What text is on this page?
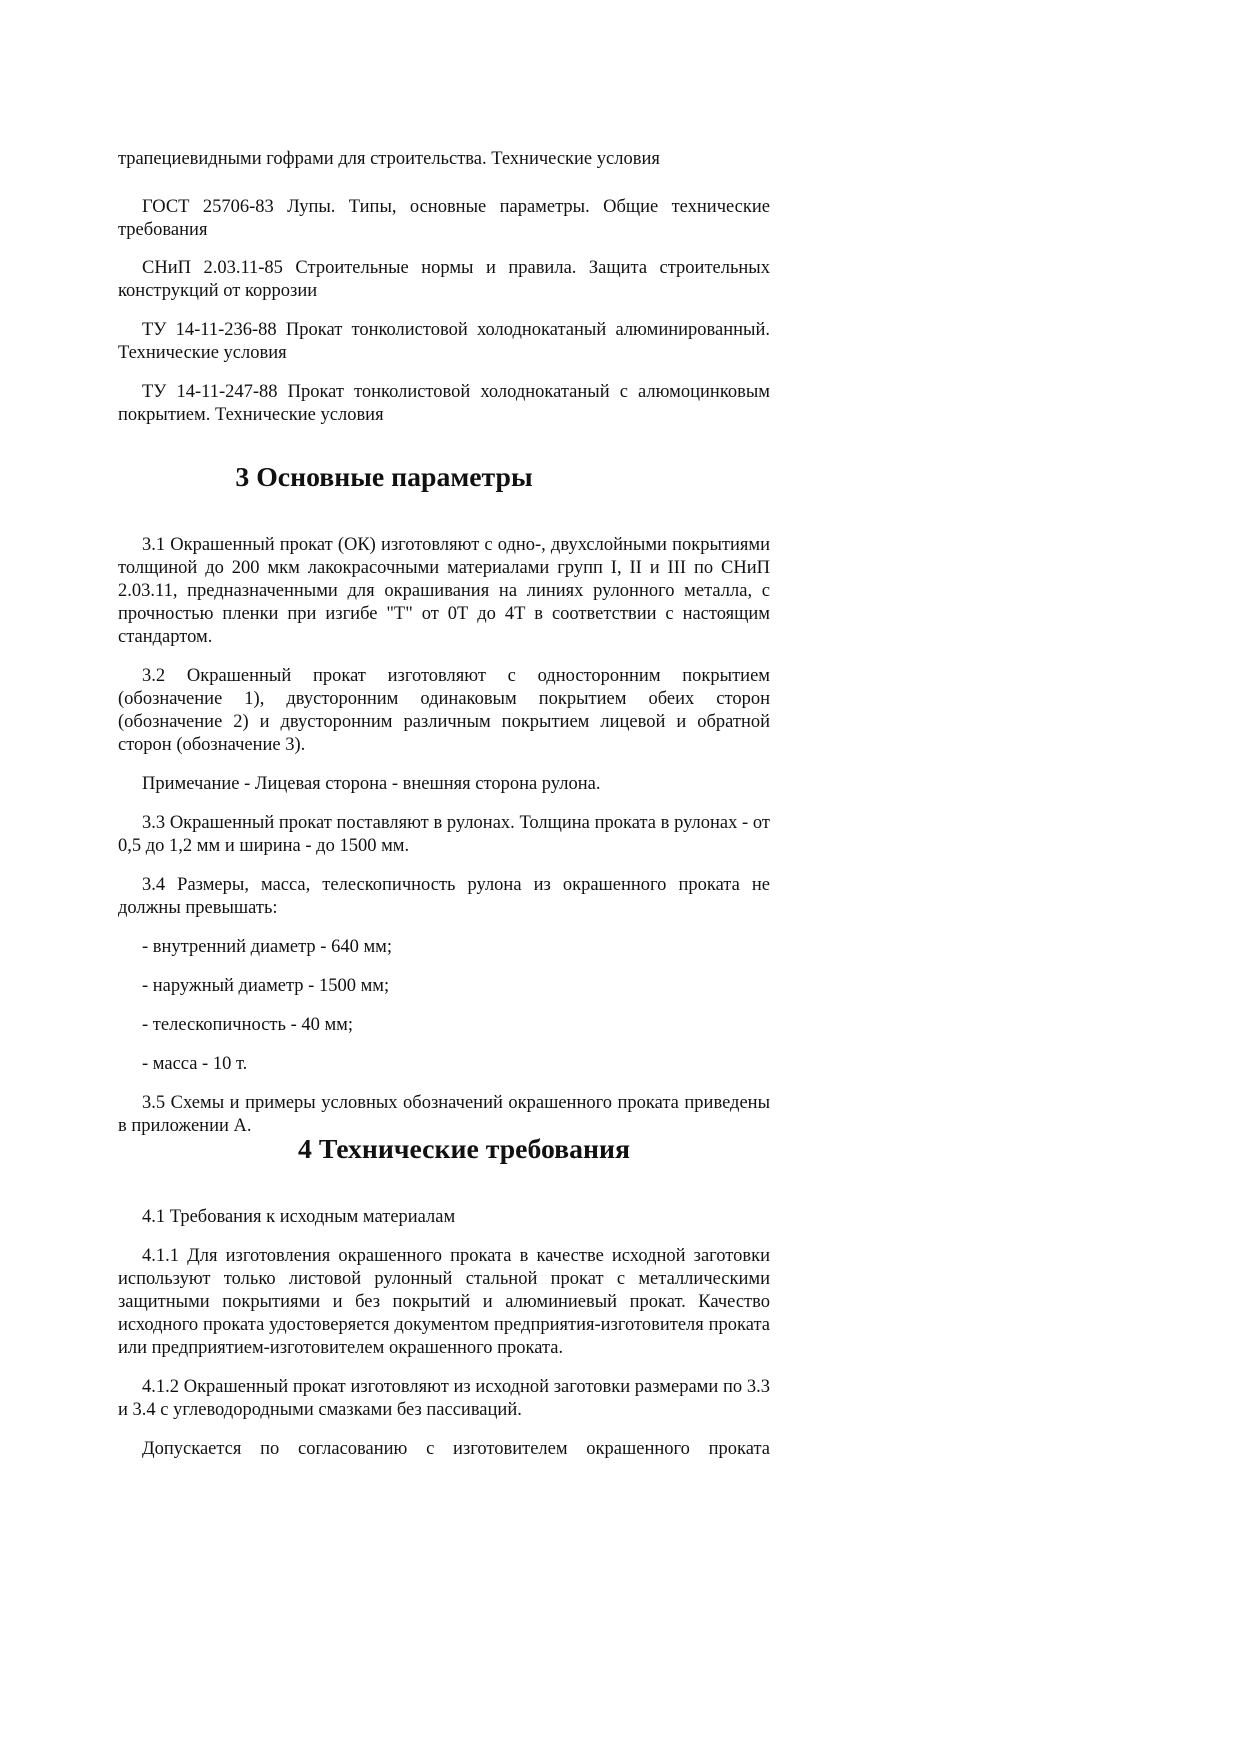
трапециевидными гофрами для строительства. Технические условия

ГОСТ 25706-83 Лупы. Типы, основные параметры. Общие технические требования

СНиП 2.03.11-85 Строительные нормы и правила. Защита строительных конструкций от коррозии

ТУ 14-11-236-88 Прокат тонколистовой холоднокатаный алюминированный. Технические условия

ТУ 14-11-247-88 Прокат тонколистовой холоднокатаный с алюмоцинковым покрытием. Технические условия

3 Основные параметры

3.1 Окрашенный прокат (ОК) изготовляют с одно-, двухслойными покрытиями толщиной до 200 мкм лакокрасочными материалами групп I, II и III по СНиП 2.03.11, предназначенными для окрашивания на линиях рулонного металла, с прочностью пленки при изгибе "Т" от 0Т до 4Т в соответствии с настоящим стандартом.

3.2 Окрашенный прокат изготовляют с односторонним покрытием (обозначение 1), двусторонним одинаковым покрытием обеих сторон (обозначение 2) и двусторонним различным покрытием лицевой и обратной сторон (обозначение 3).

Примечание - Лицевая сторона - внешняя сторона рулона.

3.3 Окрашенный прокат поставляют в рулонах. Толщина проката в рулонах - от 0,5 до 1,2 мм и ширина - до 1500 мм.

3.4 Размеры, масса, телескопичность рулона из окрашенного проката не должны превышать:

- внутренний диаметр - 640 мм;

- наружный диаметр - 1500 мм;

- телескопичность - 40 мм;

- масса - 10 т.

3.5 Схемы и примеры условных обозначений окрашенного проката приведены в приложении А.

4 Технические требования

4.1 Требования к исходным материалам

4.1.1 Для изготовления окрашенного проката в качестве исходной заготовки используют только листовой рулонный стальной прокат с металлическими защитными покрытиями и без покрытий и алюминиевый прокат. Качество исходного проката удостоверяется документом предприятия-изготовителя проката или предприятием-изготовителем окрашенного проката.

4.1.2 Окрашенный прокат изготовляют из исходной заготовки размерами по 3.3 и 3.4 с углеводородными смазками без пассиваций.

Допускается по согласованию с изготовителем окрашенного проката
